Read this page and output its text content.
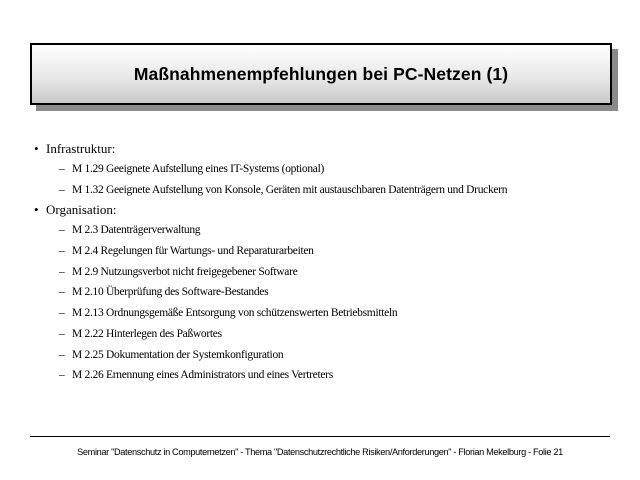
Maßnahmenempfehlungen bei PC-Netzen (1)
• Infrastruktur:
– M 1.29 Geeignete Aufstellung eines IT-Systems (optional)
– M 1.32 Geeignete Aufstellung von Konsole, Geräten mit austauschbaren Datenträgern und Druckern
• Organisation:
– M 2.3 Datenträgerverwaltung
– M 2.4 Regelungen für Wartungs- und Reparaturarbeiten
– M 2.9 Nutzungsverbot nicht freigegebener Software
– M 2.10 Überprüfung des Software-Bestandes
– M 2.13 Ordnungsgemäße Entsorgung von schützenswerten Betriebsmitteln
– M 2.22 Hinterlegen des Paßwortes
– M 2.25 Dokumentation der Systemkonfiguration
– M 2.26 Ernennung eines Administrators und eines Vertreters
Seminar "Datenschutz in Computernetzen" - Thema "Datenschutzrechtliche Risiken/Anforderungen" - Florian Mekelburg - Folie 21
